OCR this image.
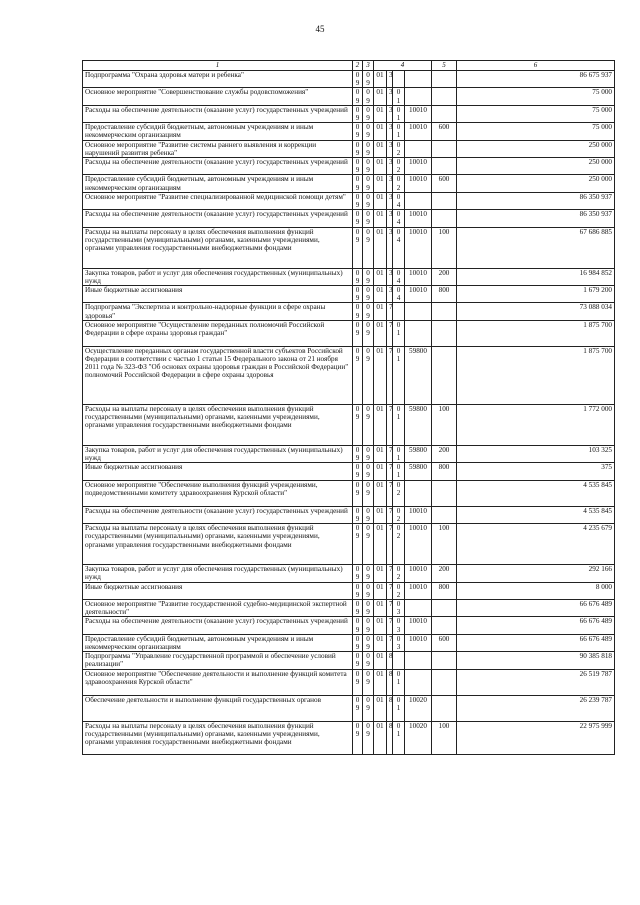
45
1	2	3	4				5	6
Подпрограмма "Охрана здоровья матери и ребенка"	09	09	01	3				86 675 937
Основное мероприятие "Совершенствование службы родовспоможения"	09	09	01	3	01			75 000
Расходы на обеспечение деятельности (оказание услуг) государственных учреждений	09	09	01	3	01	10010		75 000
Предоставление субсидий бюджетным, автономным учреждениям и иным некоммерческим организациям	09	09	01	3	01	10010	600	75 000
Основное мероприятие "Развитие системы раннего выявления и коррекции нарушений развития ребенка"	09	09	01	3	02			250 000
Расходы на обеспечение деятельности (оказание услуг) государственных учреждений	09	09	01	3	02	10010		250 000
Предоставление субсидий бюджетным, автономным учреждениям и иным некоммерческим организациям	09	09	01	3	02	10010	600	250 000
Основное мероприятие "Развитие специализированной медицинской помощи детям"	09	09	01	3	04			86 350 937
Расходы на обеспечение деятельности (оказание услуг) государственных учреждений	09	09	01	3	04	10010		86 350 937
Расходы на выплаты персоналу в целях обеспечения выполнения функций государственными (муниципальными) органами, казенными учреждениями, органами управления государственными внебюджетными фондами	09	09	01	3	04	10010	100	67 686 885
Закупка товаров, работ и услуг для обеспечения государственных (муниципальных) нужд	09	09	01	3	04	10010	200	16 984 852
Иные бюджетные ассигнования	09	09	01	3	04	10010	800	1 679 200
Подпрограмма "Экспертиза и контрольно-надзорные функции в сфере охраны здоровья"	09	09	01	7				73 088 034
Основное мероприятие "Осуществление переданных полномочий Российской Федерации в сфере охраны здоровья граждан"	09	09	01	7	01			1 875 700
Осуществление переданных органам государственной власти субъектов Российской Федерации в соответствии с частью 1 статьи 15 Федерального закона от 21 ноября 2011 года № 323-ФЗ "Об основах охраны здоровья граждан в Российской Федерации" полномочий Российской Федерации в сфере охраны здоровья	09	09	01	7	01	59800		1 875 700
Расходы на выплаты персоналу в целях обеспечения выполнения функций государственными (муниципальными) органами, казенными учреждениями, органами управления государственными внебюджетными фондами	09	09	01	7	01	59800	100	1 772 000
Закупка товаров, работ и услуг для обеспечения государственных (муниципальных) нужд	09	09	01	7	01	59800	200	103 325
Иные бюджетные ассигнования	09	09	01	7	01	59800	800	375
Основное мероприятие "Обеспечение выполнения функций учреждениями, подведомственными комитету здравоохранения Курской области"	09	09	01	7	02			4 535 845
Расходы на обеспечение деятельности (оказание услуг) государственных учреждений	09	09	01	7	02	10010		4 535 845
Расходы на выплаты персоналу в целях обеспечения выполнения функций государственными (муниципальными) органами, казенными учреждениями, органами управления государственными внебюджетными фондами	09	09	01	7	02	10010	100	4 235 679
Закупка товаров, работ и услуг для обеспечения государственных (муниципальных) нужд	09	09	01	7	02	10010	200	292 166
Иные бюджетные ассигнования	09	09	01	7	02	10010	800	8 000
Основное мероприятие "Развитие государственной судебно-медицинской экспертной деятельности"	09	09	01	7	03			66 676 489
Расходы на обеспечение деятельности (оказание услуг) государственных учреждений	09	09	01	7	03	10010		66 676 489
Предоставление субсидий бюджетным, автономным учреждениям и иным некоммерческим организациям	09	09	01	7	03	10010	600	66 676 489
Подпрограмма "Управление государственной программой и обеспечение условий реализации"	09	09	01	8				90 385 818
Основное мероприятие "Обеспечение деятельности и выполнение функций комитета здравоохранения Курской области"	09	09	01	8	01			26 519 787
Обеспечение деятельности и выполнение функций государственных органов	09	09	01	8	01	10020		26 239 787
Расходы на выплаты персоналу в целях обеспечения выполнения функций государственными (муниципальными) органами, казенными учреждениями, органами управления государственными внебюджетными фондами	09	09	01	8	01	10020	100	22 975 999
